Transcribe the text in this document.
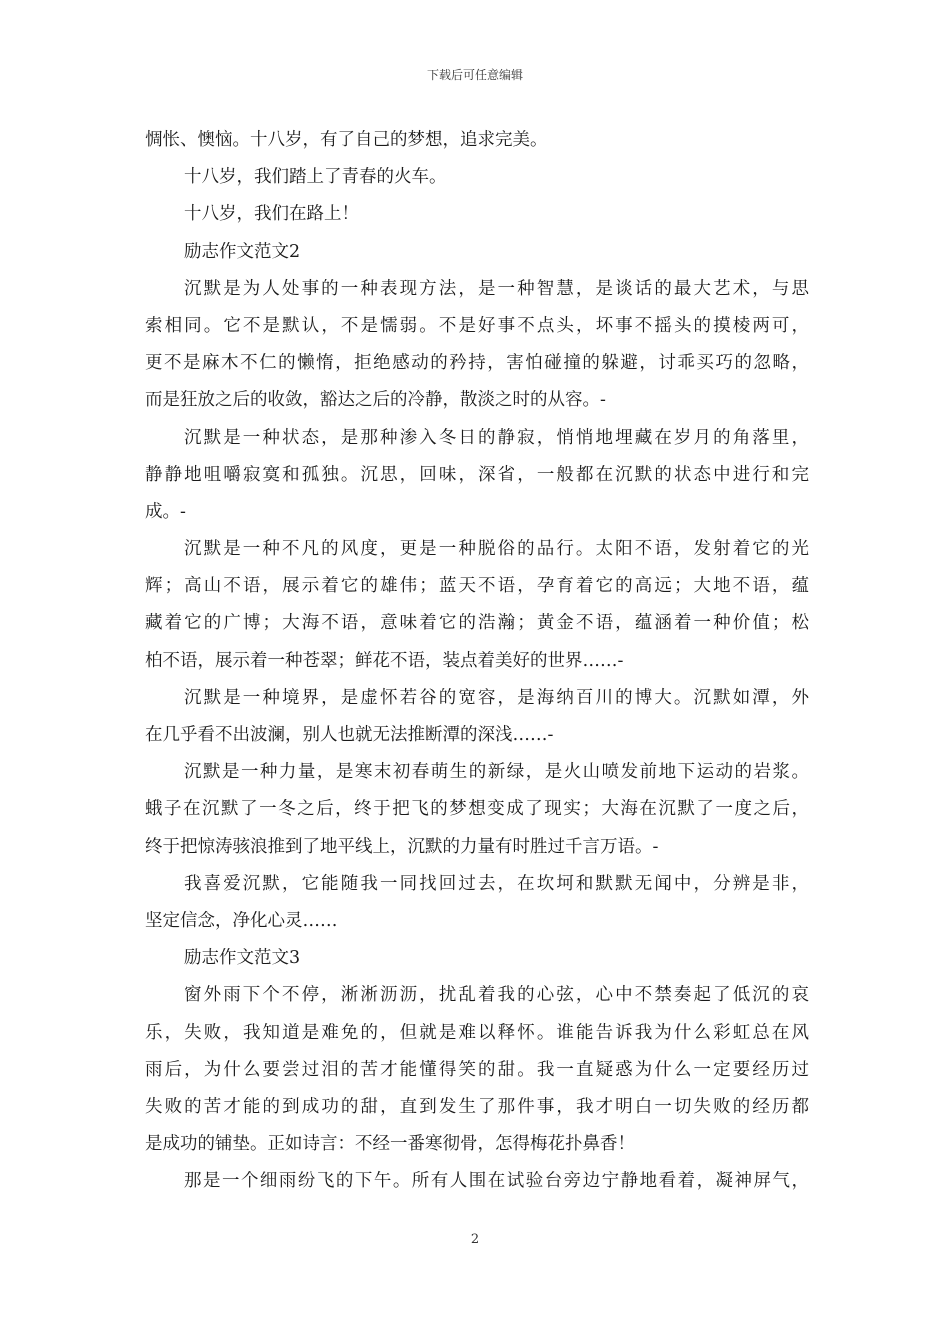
下载后可任意编辑
惆怅、懊恼。十八岁，有了自己的梦想，追求完美。
十八岁，我们踏上了青春的火车。
十八岁，我们在路上！
励志作文范文2
沉默是为人处事的一种表现方法，是一种智慧，是谈话的最大艺术，与思
索相同。它不是默认，不是懦弱。不是好事不点头，坏事不摇头的摸棱两可，
更不是麻木不仁的懒惰，拒绝感动的矜持，害怕碰撞的躲避，讨乖买巧的忽略，
而是狂放之后的收敛，豁达之后的冷静，散淡之时的从容。-
沉默是一种状态，是那种渗入冬日的静寂，悄悄地埋藏在岁月的角落里，
静静地咀嚼寂寞和孤独。沉思，回味，深省，一般都在沉默的状态中进行和完
成。-
沉默是一种不凡的风度，更是一种脱俗的品行。太阳不语，发射着它的光
辉；高山不语，展示着它的雄伟；蓝天不语，孕育着它的高远；大地不语，蕴
藏着它的广博；大海不语，意味着它的浩瀚；黄金不语，蕴涵着一种价值；松
柏不语，展示着一种苍翠；鲜花不语，装点着美好的世界……-
沉默是一种境界，是虚怀若谷的宽容，是海纳百川的博大。沉默如潭，外
在几乎看不出波澜，别人也就无法推断潭的深浅……-
沉默是一种力量，是寒末初春萌生的新绿，是火山喷发前地下运动的岩浆。
蛾子在沉默了一冬之后，终于把飞的梦想变成了现实；大海在沉默了一度之后，
终于把惊涛骇浪推到了地平线上，沉默的力量有时胜过千言万语。-
我喜爱沉默，它能随我一同找回过去，在坎坷和默默无闻中，分辨是非，
坚定信念，净化心灵……
励志作文范文3
窗外雨下个不停，淅淅沥沥，扰乱着我的心弦，心中不禁奏起了低沉的哀
乐，失败，我知道是难免的，但就是难以释怀。谁能告诉我为什么彩虹总在风
雨后，为什么要尝过泪的苦才能懂得笑的甜。我一直疑惑为什么一定要经历过
失败的苦才能的到成功的甜，直到发生了那件事，我才明白一切失败的经历都
是成功的铺垫。正如诗言：不经一番寒彻骨，怎得梅花扑鼻香！
那是一个细雨纷飞的下午。所有人围在试验台旁边宁静地看着，凝神屏气，
2
